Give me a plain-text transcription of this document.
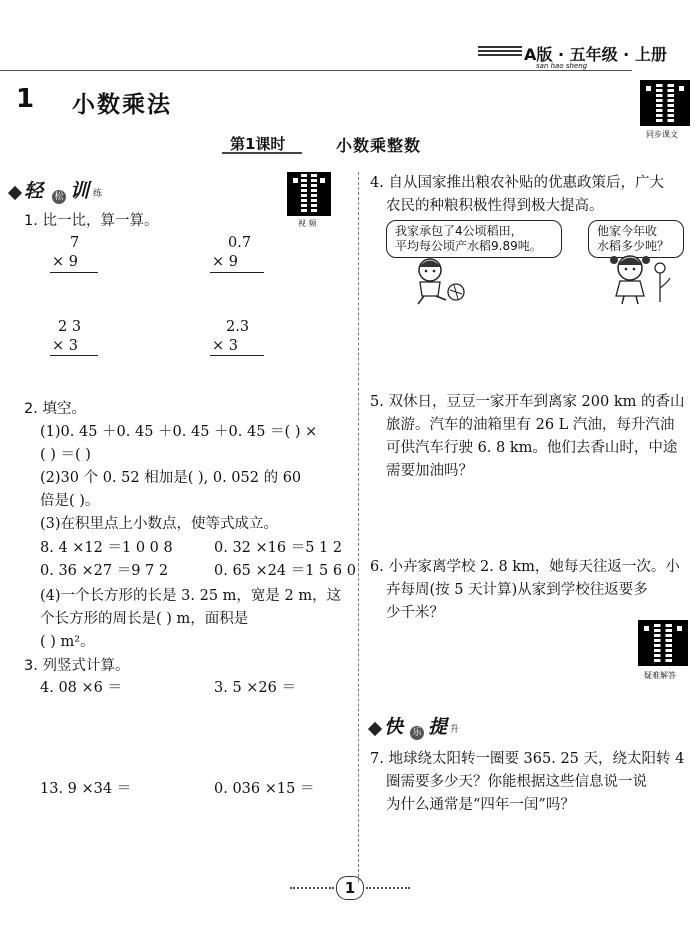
A版 · 五年级 · 上册
san hao sheng
同步课文
1 小数乘法
第1课时	小数乘整数
轻 松 训 练
视 频
1. 比一比，算一算。
7
× 9
0.7
× 9
2 3
× 3
2.3
× 3
2. 填空。
(1)0. 45 ＋0. 45 ＋0. 45 ＋0. 45 ＝( ) ×
( ) ＝( )
(2)30 个 0. 52 相加是( ), 0. 052 的 60
倍是( )。
(3)在积里点上小数点，使等式成立。
8. 4 ×12 ＝1 0 0 8	0. 32 ×16 ＝5 1 2
0. 36 ×27 ＝9 7 2	0. 65 ×24 ＝1 5 6 0
(4)一个长方形的长是 3. 25 m，宽是 2 m，这
个长方形的周长是( ) m，面积是
( ) m²。
3. 列竖式计算。
4. 08 ×6 ＝	3. 5 ×26 ＝
13. 9 ×34 ＝	0. 036 ×15 ＝
4. 自从国家推出粮农补贴的优惠政策后，广大
农民的种粮积极性得到极大提高。
我家承包了4公顷稻田，
平均每公顷产水稻9.89吨。
他家今年收
水稻多少吨？
5. 双休日，豆豆一家开车到离家 200 km 的香山
旅游。汽车的油箱里有 26 L 汽油，每升汽油
可供汽车行驶 6. 8 km。他们去香山时，中途
需要加油吗？
6. 小卉家离学校 2. 8 km，她每天往返一次。小
卉每周(按 5 天计算)从家到学校往返要多
少千米？
疑难解答
快 乐 提 升
7. 地球绕太阳转一圈要 365. 25 天，绕太阳转 4
圈需要多少天？你能根据这些信息说一说
为什么通常是“四年一闰”吗？
1
